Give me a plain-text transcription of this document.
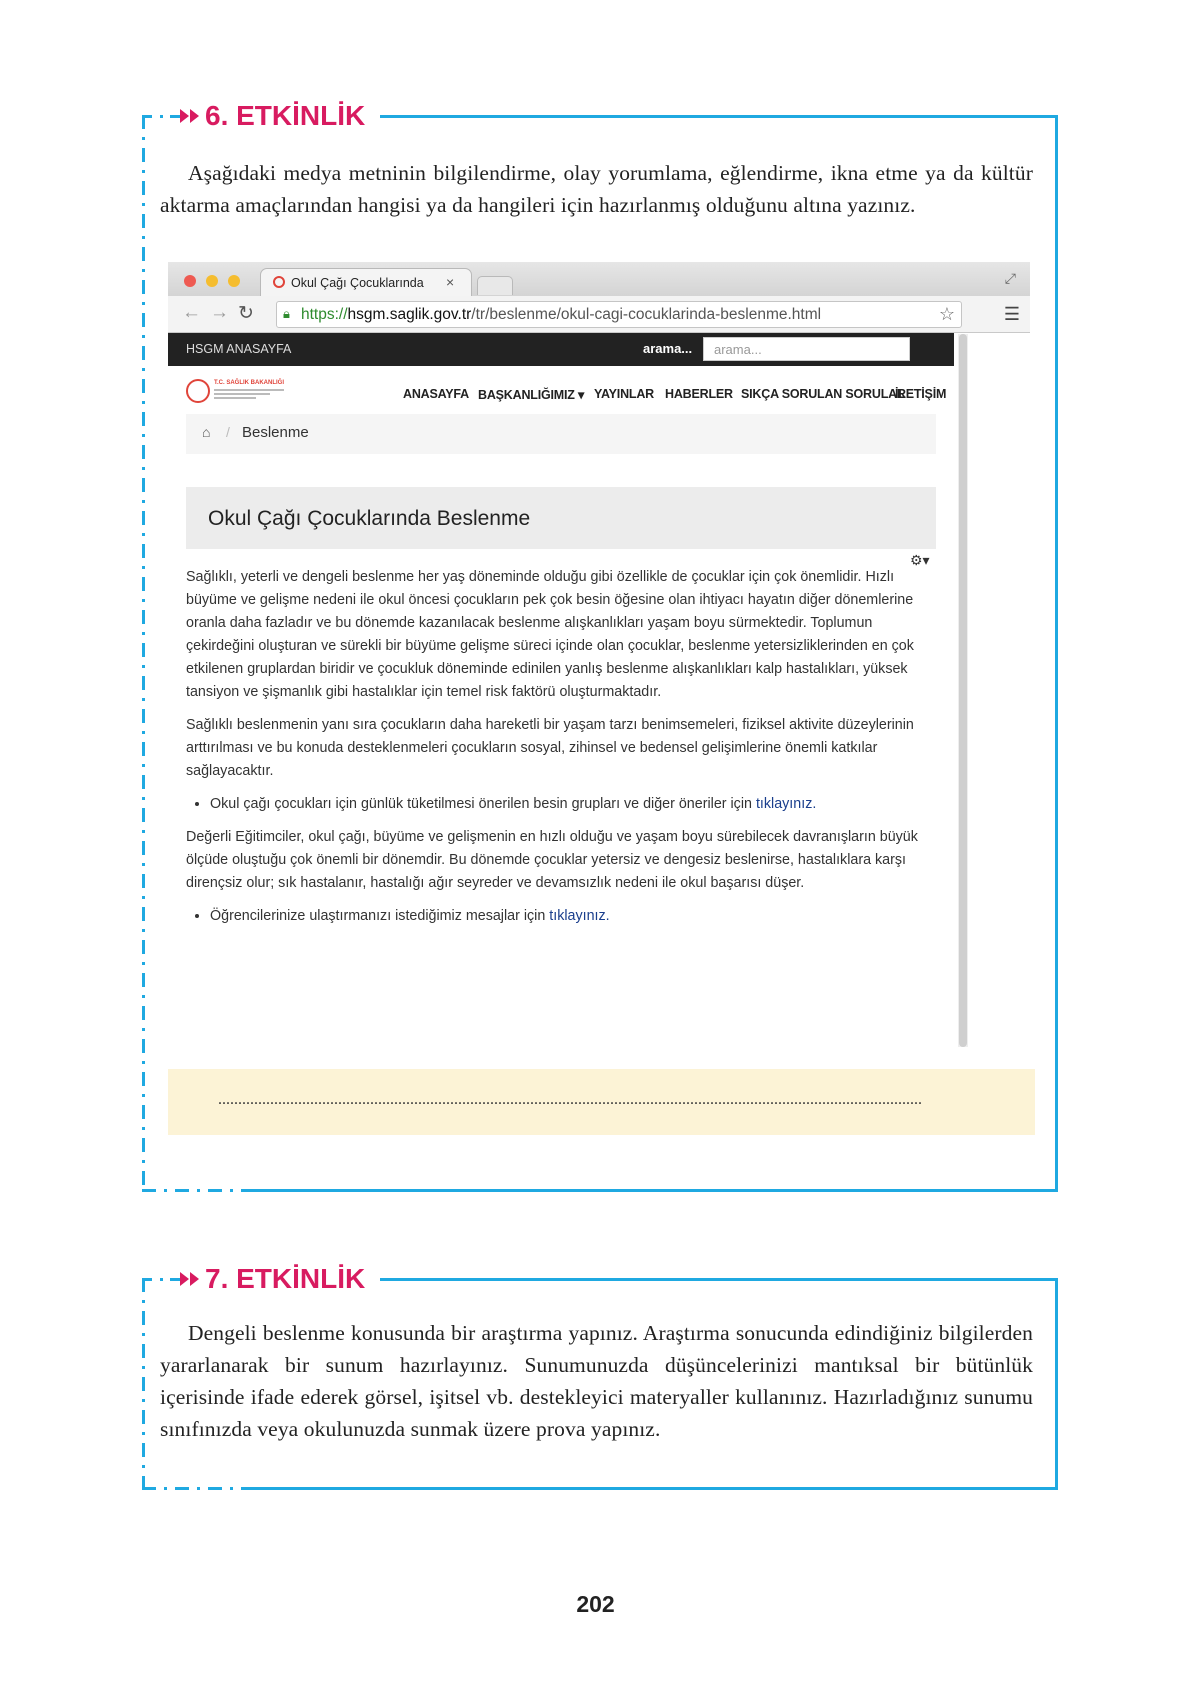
6. ETKİNLİK
Aşağıdaki medya metninin bilgilendirme, olay yorumlama, eğlendirme, ikna etme ya da kültür aktarma amaçlarından hangisi ya da hangileri için hazırlanmış olduğunu altına yazınız.
Okul Çağı Çocuklarında ×	⤢
← → ↻ 🔒︎ https://hsgm.saglik.gov.tr/tr/beslenme/okul-cagi-cocuklarinda-beslenme.html	☆	☰
HSGM ANASAYFA	arama...	arama...
T.C. SAĞLIK BAKANLIĞI
ANASAYFA BAŞKANLIĞIMIZ ▾ YAYINLAR HABERLER SIKÇA SORULAN SORULAR
İLETİŞİM
⌂ / Beslenme
Okul Çağı Çocuklarında Beslenme
⚙▾

Sağlıklı, yeterli ve dengeli beslenme her yaş döneminde olduğu gibi özellikle de çocuklar için çok önemlidir. Hızlı büyüme ve gelişme nedeni ile okul öncesi çocukların pek çok besin öğesine olan ihtiyacı hayatın diğer dönemlerine oranla daha fazladır ve bu dönemde kazanılacak beslenme alışkanlıkları yaşam boyu sürmektedir. Toplumun çekirdeğini oluşturan ve sürekli bir büyüme gelişme süreci içinde olan çocuklar, beslenme yetersizliklerinden en çok etkilenen gruplardan biridir ve çocukluk döneminde edinilen yanlış beslenme alışkanlıkları kalp hastalıkları, yüksek tansiyon ve şişmanlık gibi hastalıklar için temel risk faktörü oluşturmaktadır.

Sağlıklı beslenmenin yanı sıra çocukların daha hareketli bir yaşam tarzı benimsemeleri, fiziksel aktivite düzeylerinin arttırılması ve bu konuda desteklenmeleri çocukların sosyal, zihinsel ve bedensel gelişimlerine önemli katkılar sağlayacaktır.

• Okul çağı çocukları için günlük tüketilmesi önerilen besin grupları ve diğer öneriler için tıklayınız.

Değerli Eğitimciler, okul çağı, büyüme ve gelişmenin en hızlı olduğu ve yaşam boyu sürebilecek davranışların büyük ölçüde oluştuğu çok önemli bir dönemdir. Bu dönemde çocuklar yetersiz ve dengesiz beslenirse, hastalıklara karşı dirençsiz olur; sık hastalanır, hastalığı ağır seyreder ve devamsızlık nedeni ile okul başarısı düşer.

• Öğrencilerinize ulaştırmanızı istediğimiz mesajlar için tıklayınız.
................................................................................................................................................................................
7. ETKİNLİK
Dengeli beslenme konusunda bir araştırma yapınız. Araştırma sonucunda edindiğiniz bilgilerden yararlanarak bir sunum hazırlayınız. Sunumunuzda düşüncelerinizi mantıksal bir bütünlük içerisinde ifade ederek görsel, işitsel vb. destekleyici materyaller kullanınız. Hazırladığınız sunumu sınıfınızda veya okulunuzda sunmak üzere prova yapınız.
202
